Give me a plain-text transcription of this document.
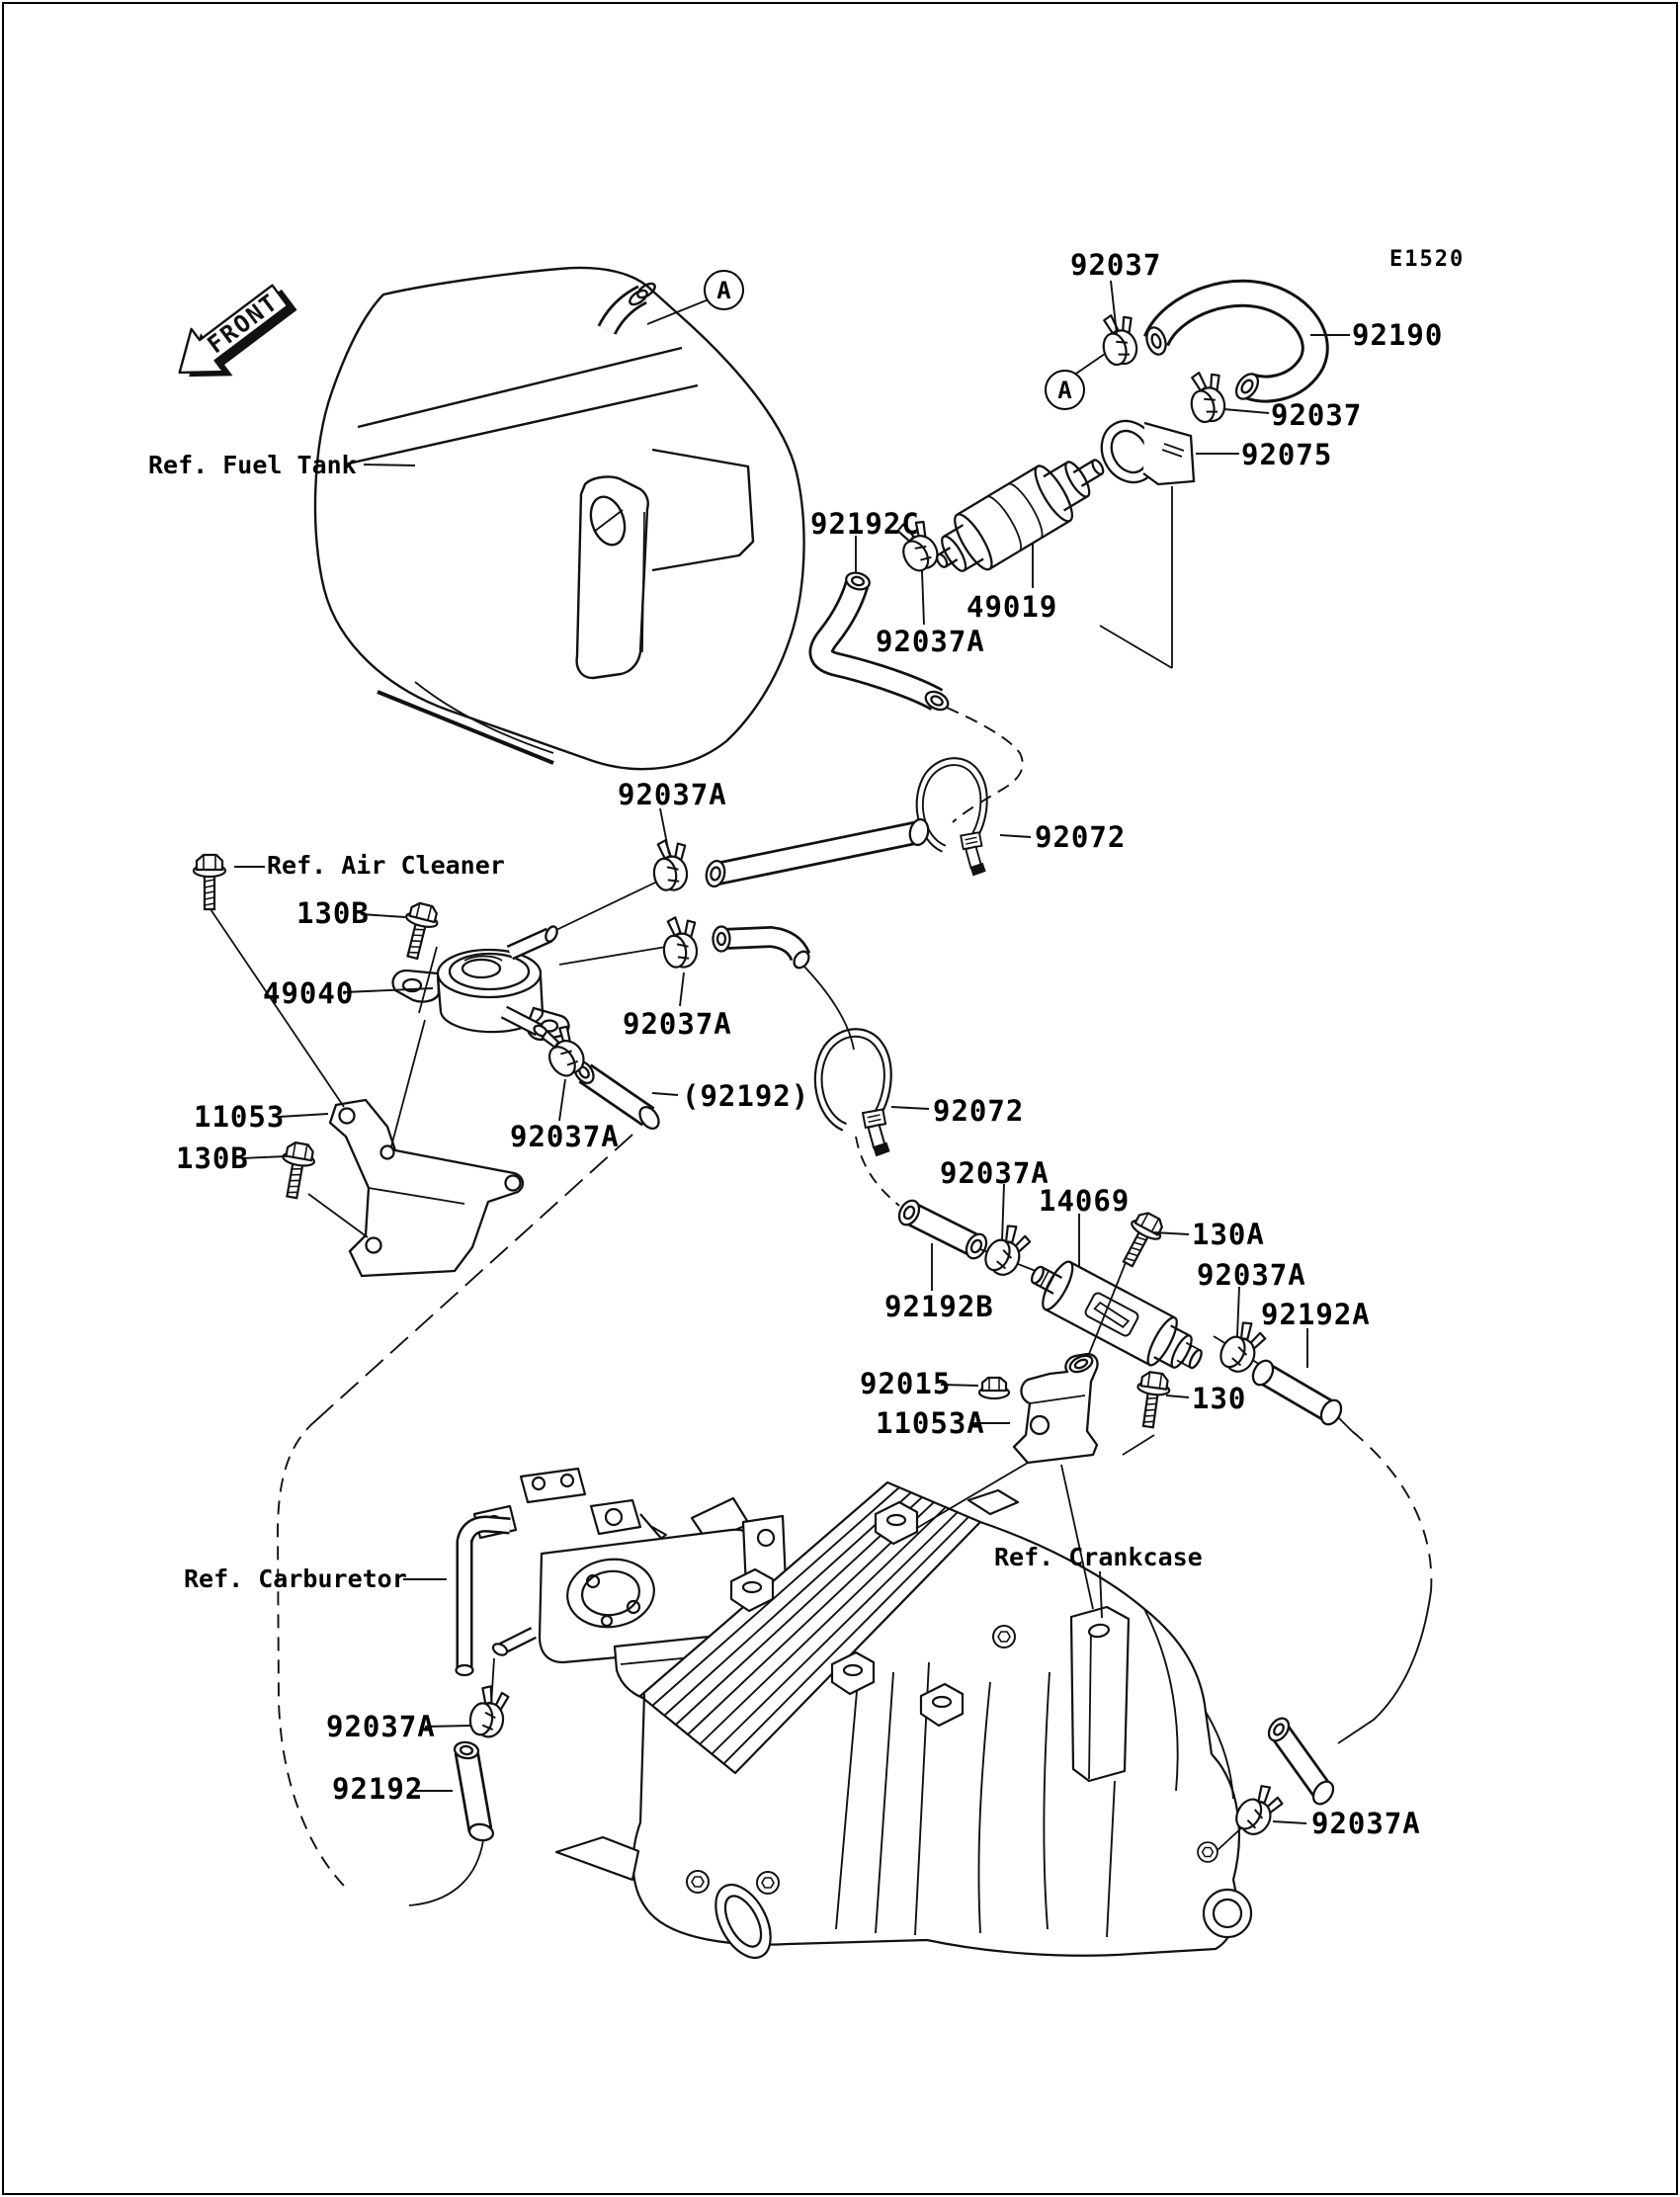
FRONT
92037
92190
92037
92075
49019
92192C
92037A
92037A
92072
130B
49040
92037A
11053
130B
92037A
(92192)	92072
92037A
14069
130A
92037A
92192A
92192B
92015	130
11053A
92037A
92192
92037A
Ref. Fuel Tank
Ref. Air Cleaner
Ref. Carburetor
Ref. Crankcase
E1520
A
A
